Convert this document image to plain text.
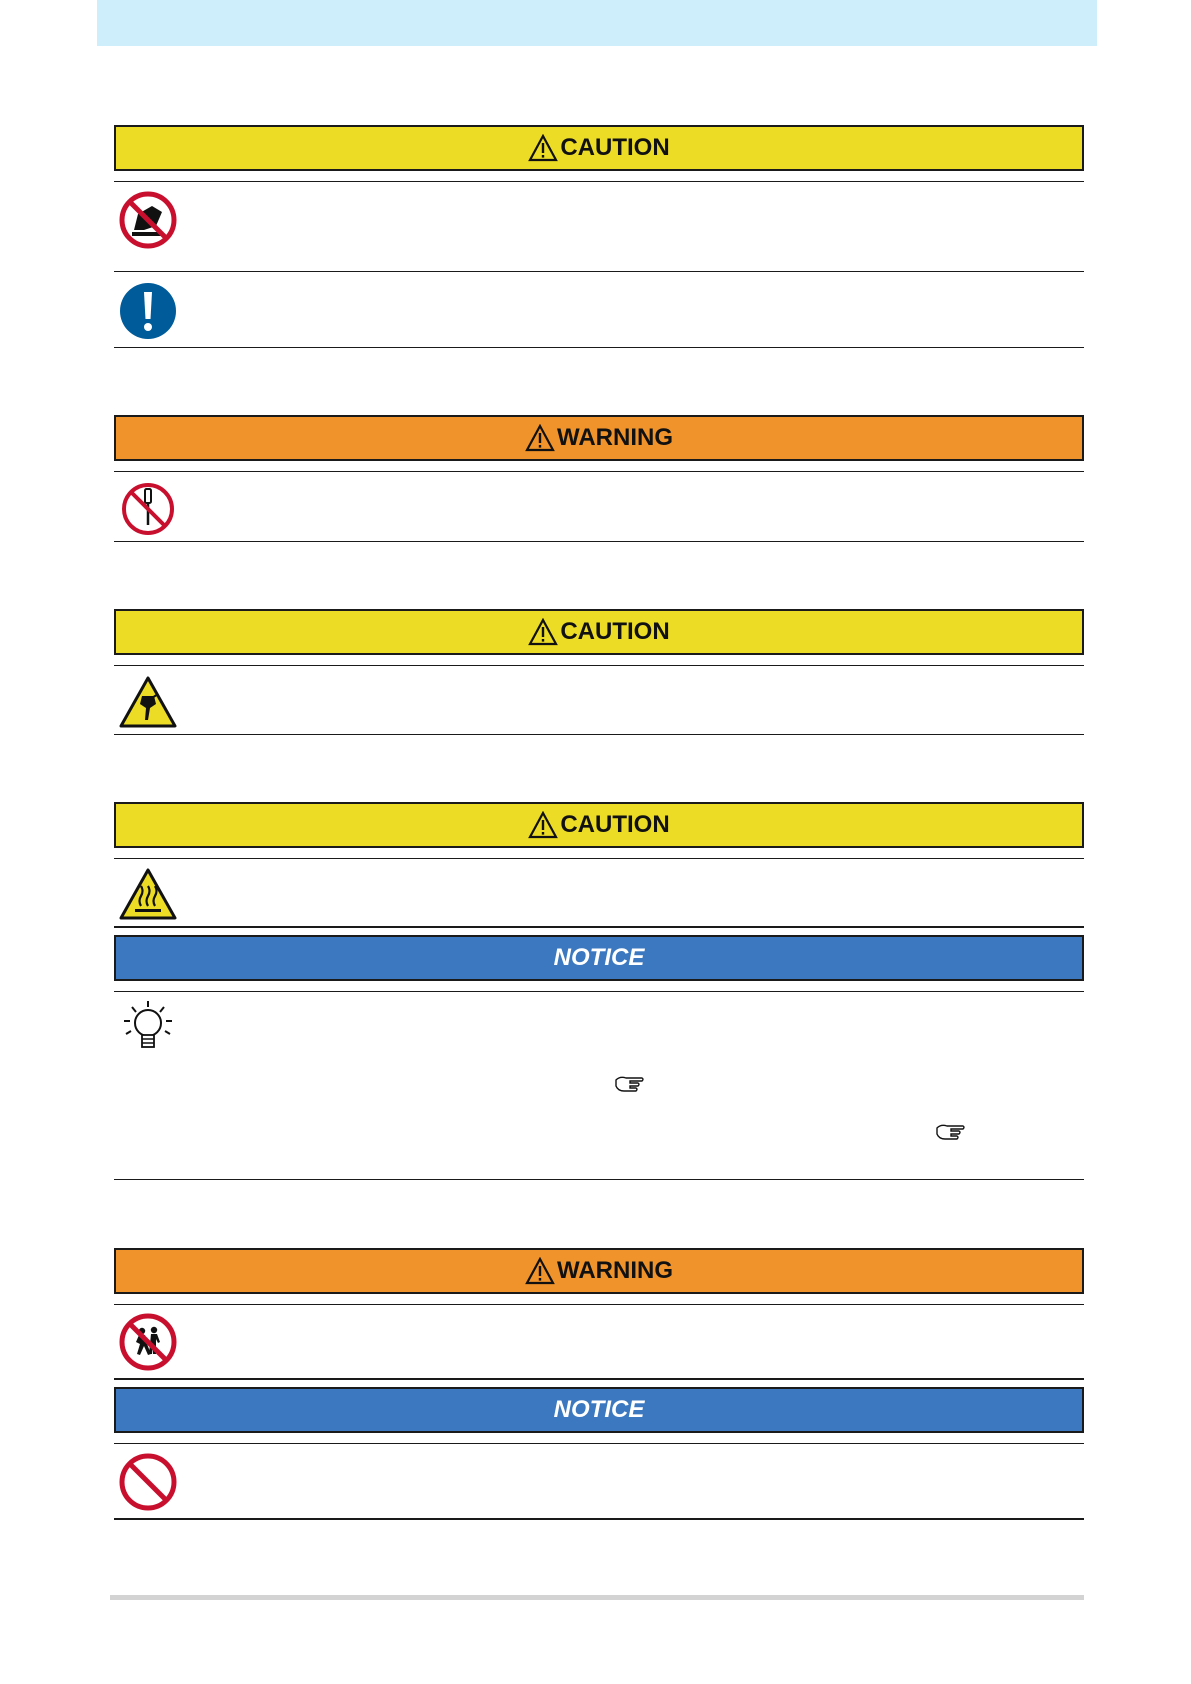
CAUTION
WARNING
CAUTION
CAUTION
NOTICE
WARNING
NOTICE
